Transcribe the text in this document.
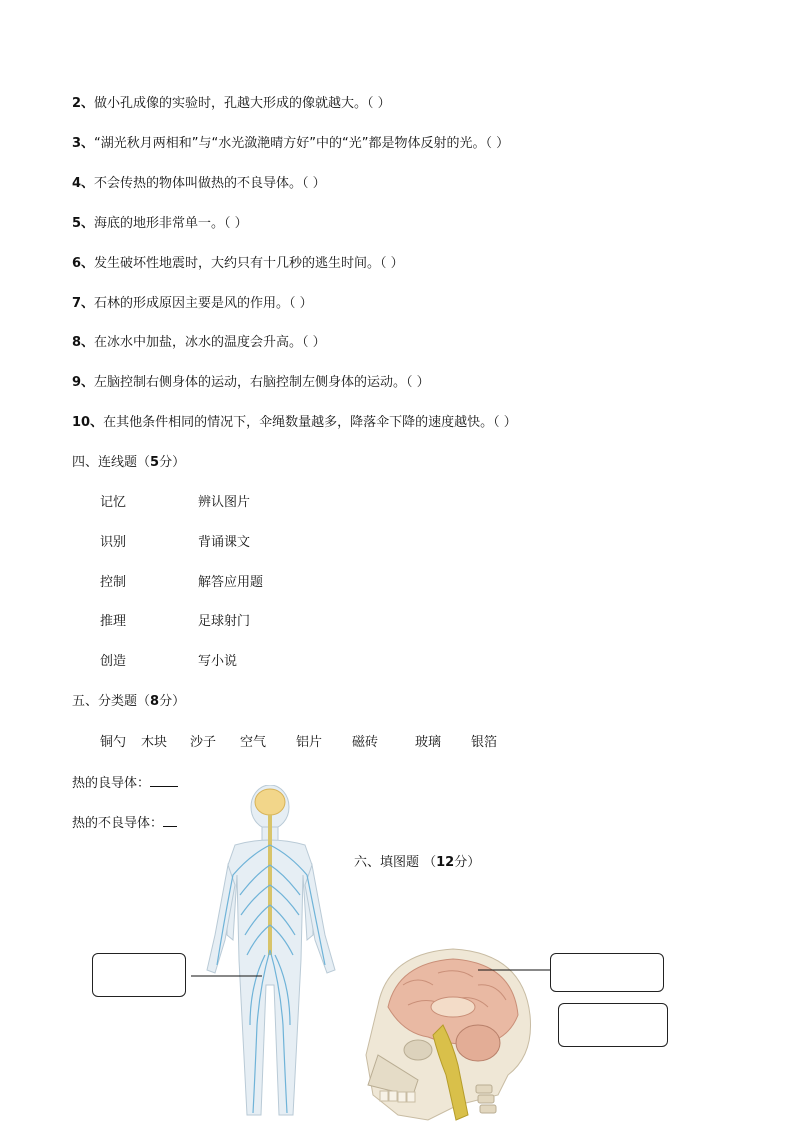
2、做小孔成像的实验时，孔越大形成的像就越大。（ ）
3、“湖光秋月两相和”与“水光潋滟晴方好”中的“光”都是物体反射的光。（ ）
4、不会传热的物体叫做热的不良导体。（ ）
5、海底的地形非常单一。（ ）
6、发生破坏性地震时，大约只有十几秒的逃生时间。（ ）
7、石林的形成原因主要是风的作用。（ ）
8、在冰水中加盐，冰水的温度会升高。（ ）
9、左脑控制右侧身体的运动，右脑控制左侧身体的运动。（ ）
10、在其他条件相同的情况下，伞绳数量越多，降落伞下降的速度越快。（ ）
四、连线题（5分）
记忆
识别
控制
推理
创造
辨认图片
背诵课文
解答应用题
足球射门
写小说
五、分类题（8分）
铜勺 木块 沙子 空气 铝片 磁砖	玻璃 银箔
热的良导体：
热的不良导体：
六、填图题 （12分）
